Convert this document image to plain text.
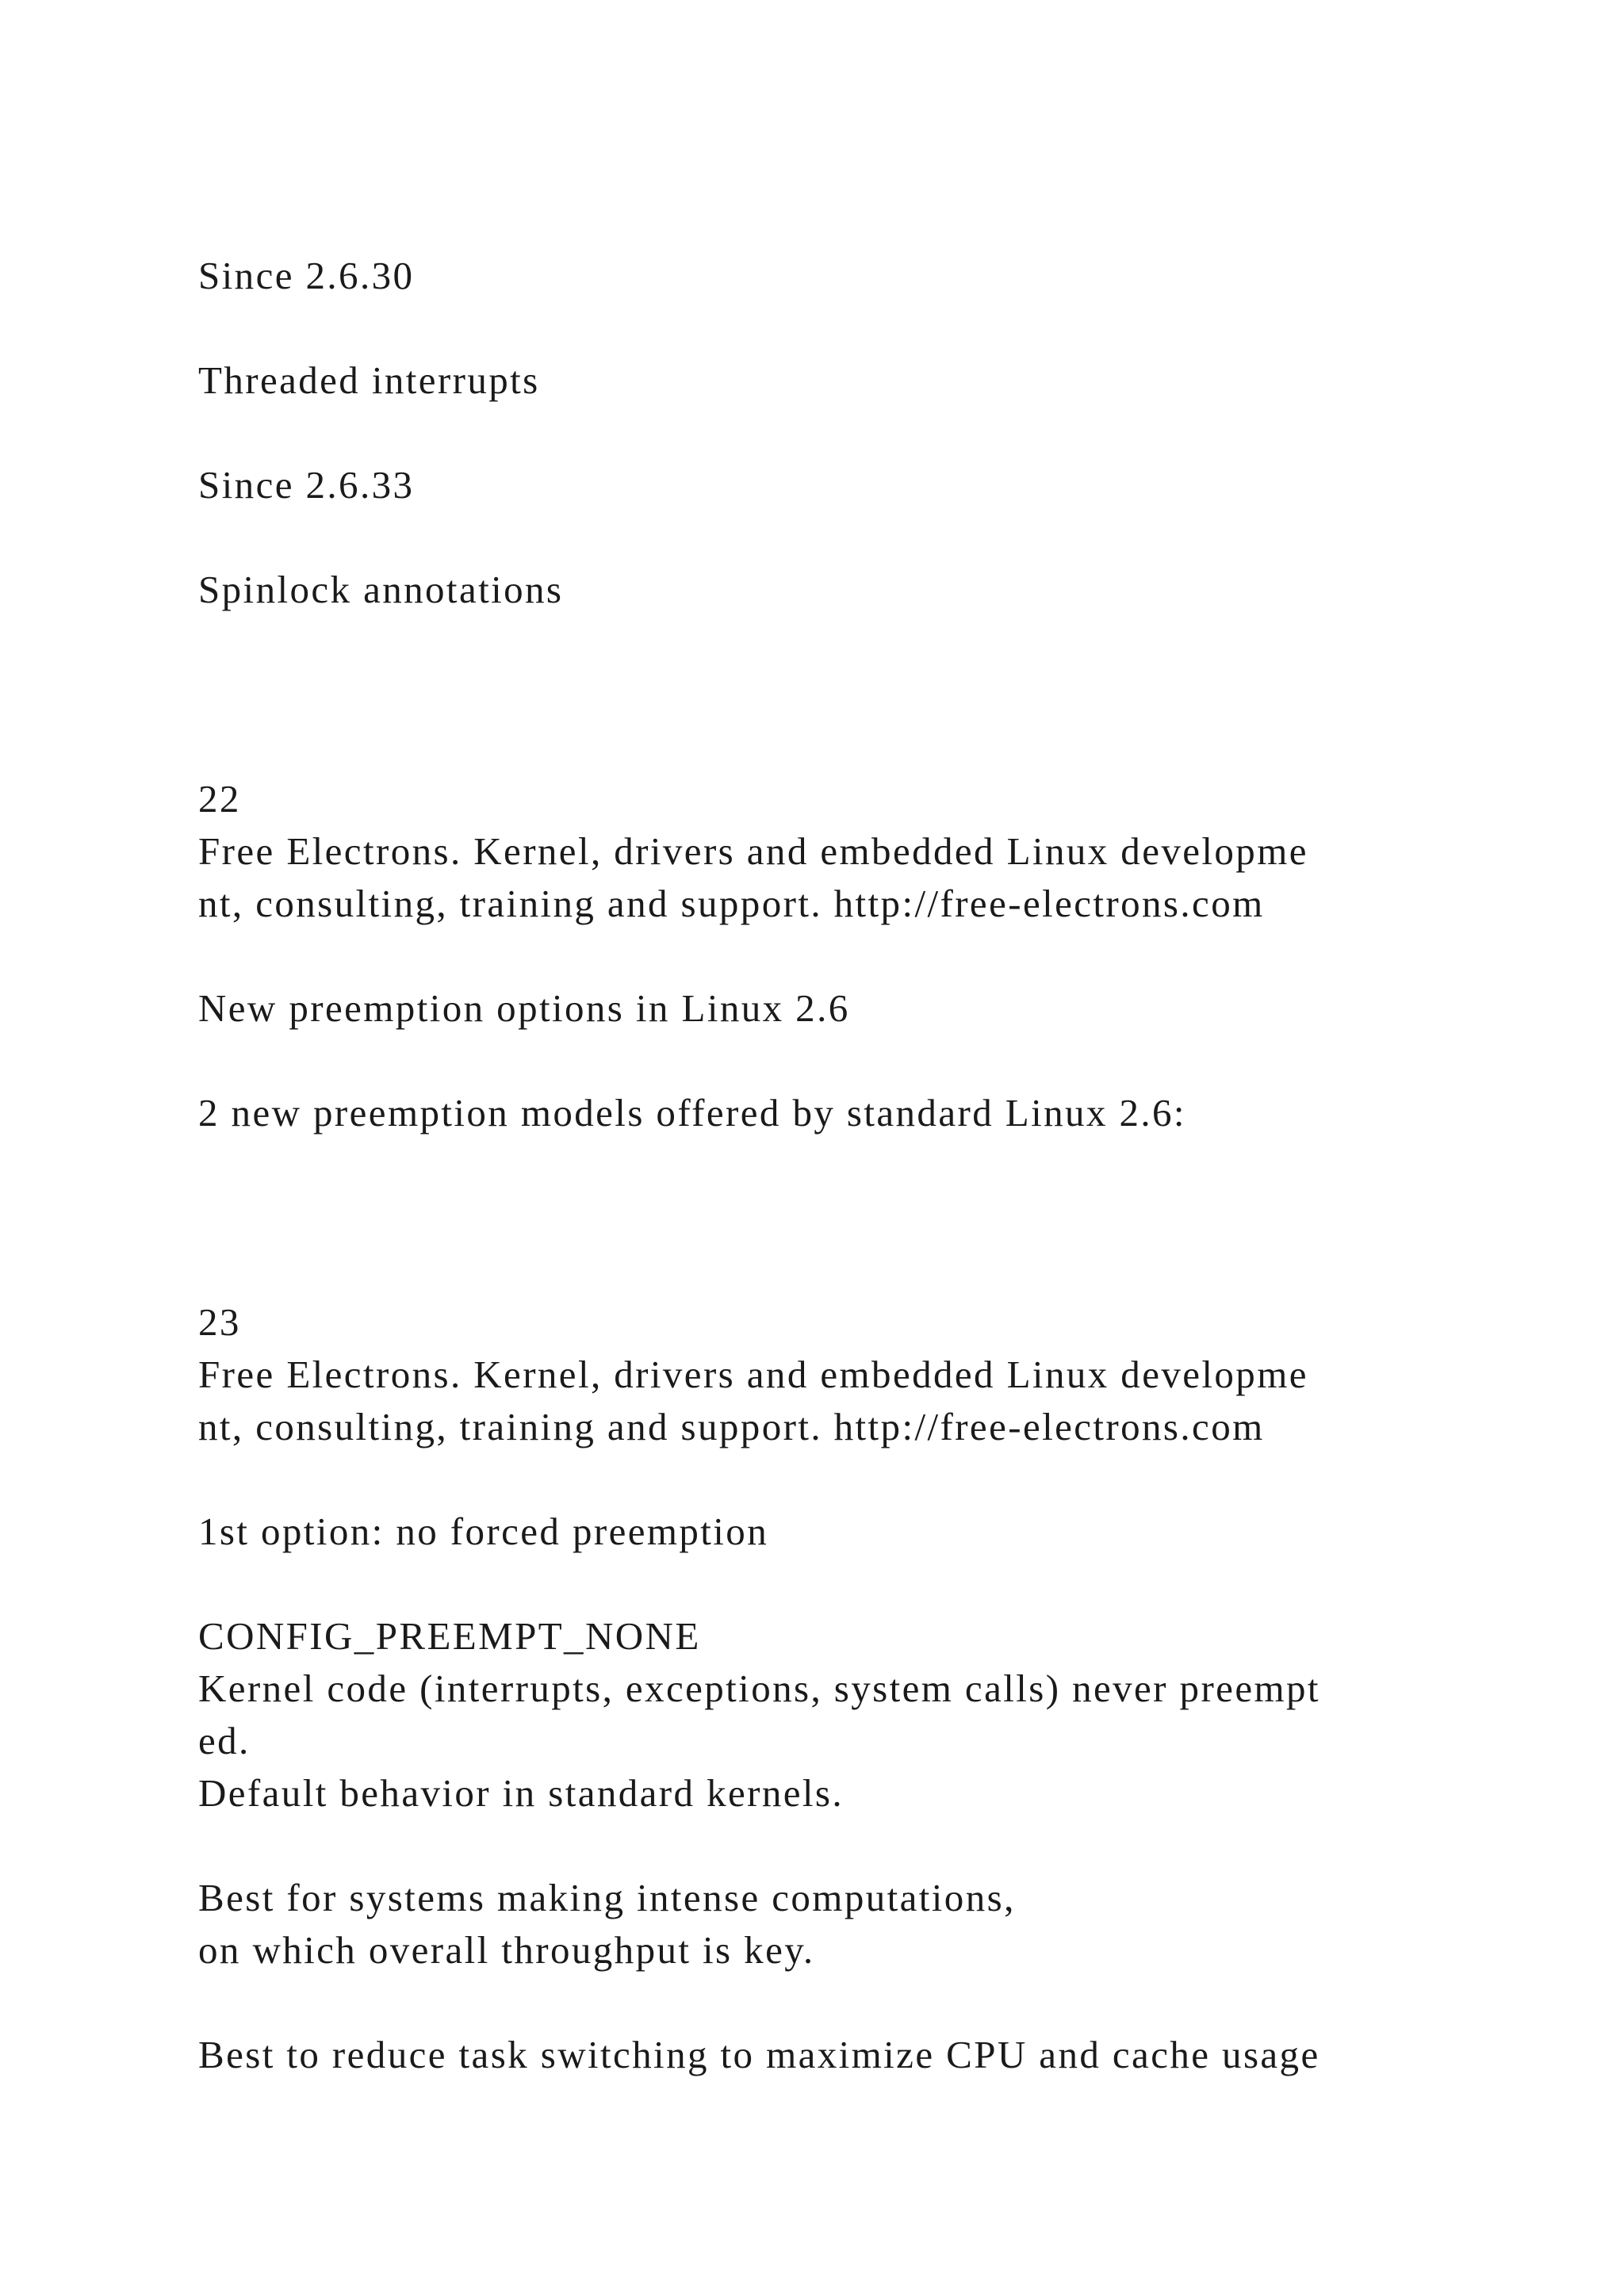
Since 2.6.30

Threaded interrupts

Since 2.6.33

Spinlock annotations

22

Free Electrons. Kernel, drivers and embedded Linux developme

nt, consulting, training and support. http://free-electrons.com

New preemption options in Linux 2.6

2 new preemption models offered by standard Linux 2.6:

23

Free Electrons. Kernel, drivers and embedded Linux developme

nt, consulting, training and support. http://free-electrons.com

1st option: no forced preemption

CONFIG_PREEMPT_NONE

Kernel code (interrupts, exceptions, system calls) never preempt

ed.

Default behavior in standard kernels.

Best for systems making intense computations,

on which overall throughput is key.

Best to reduce task switching to maximize CPU and cache usage
